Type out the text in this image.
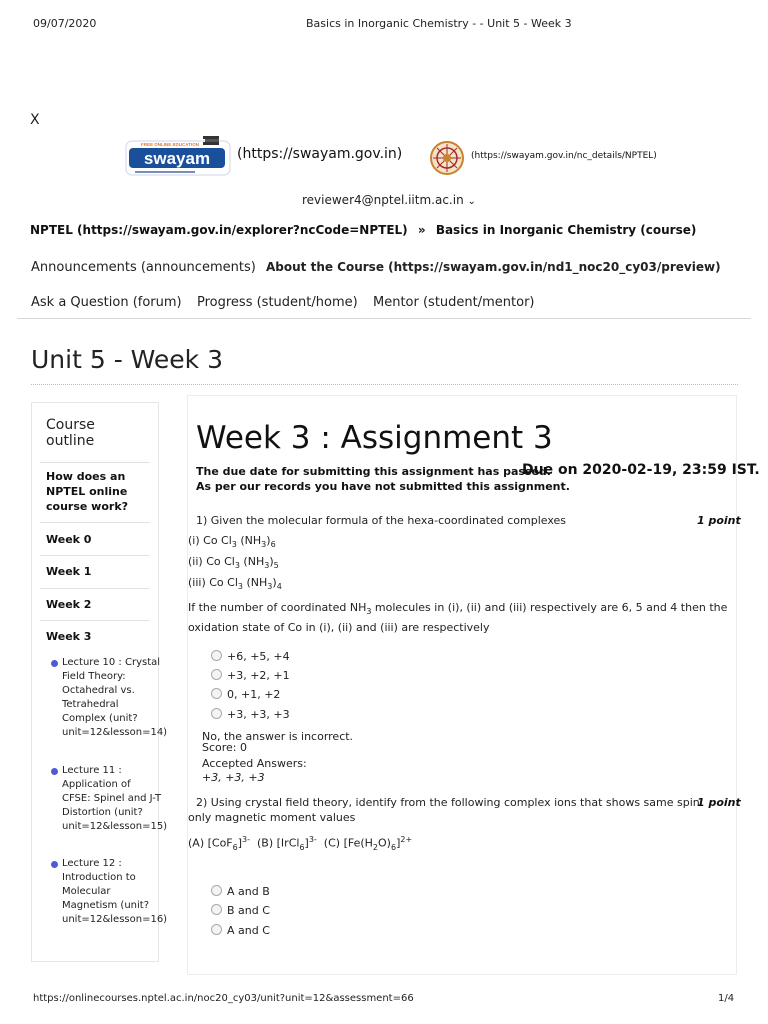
09/07/2020	Basics in Inorganic Chemistry - - Unit 5 - Week 3
X
swayam
FREE ONLINE EDUCATION
(https://swayam.gov.in)	(https://swayam.gov.in/nc_details/NPTEL)
reviewer4@nptel.iitm.ac.in ⌄
NPTEL (https://swayam.gov.in/explorer?ncCode=NPTEL) » Basics in Inorganic Chemistry (course)
Announcements (announcements) About the Course (https://swayam.gov.in/nd1_noc20_cy03/preview)
Ask a Question (forum) Progress (student/home) Mentor (student/mentor)
Unit 5 - Week 3
Course outline
How does an NPTEL online course work?
Week 0
Week 1
Week 2
Week 3
Lecture 10 : Crystal Field Theory: Octahedral vs. Tetrahedral Complex (unit?unit=12&lesson=14)
Lecture 11 : Application of CFSE: Spinel and J-T Distortion (unit?unit=12&lesson=15)
Lecture 12 : Introduction to Molecular Magnetism (unit?unit=12&lesson=16)
Week 3 : Assignment 3
The due date for submitting this assignment has passed.
As per our records you have not submitted this assignment.
Due on 2020-02-19, 23:59 IST.
1) Given the molecular formula of the hexa-coordinated complexes	1 point
(i) Co $Cl_3$ $(NH_3)_6$
(ii) Co $Cl_3$ $(NH_3)_5$
(iii) Co $Cl_3$ $(NH_3)_4$
If the number of coordinated $NH_3$ molecules in (i), (ii) and (iii) respectively are 6, 5 and 4 then the
oxidation state of Co in (i), (ii) and (iii) are respectively
+6, +5, +4
+3, +2, +1
0, +1, +2
+3, +3, +3
No, the answer is incorrect.
Score: 0
Accepted Answers:
+3, +3, +3
2) Using crystal field theory, identify from the following complex ions that shows same spin
1 point
only magnetic moment values
(A) $[CoF_6]^{3-}$  (B) [IrCl$_6$]$^{3-}$  (C) $[Fe(H_2O)_6]^{2+}$
A and B
B and C
A and C
https://onlinecourses.nptel.ac.in/noc20_cy03/unit?unit=12&assessment=66	1/4
